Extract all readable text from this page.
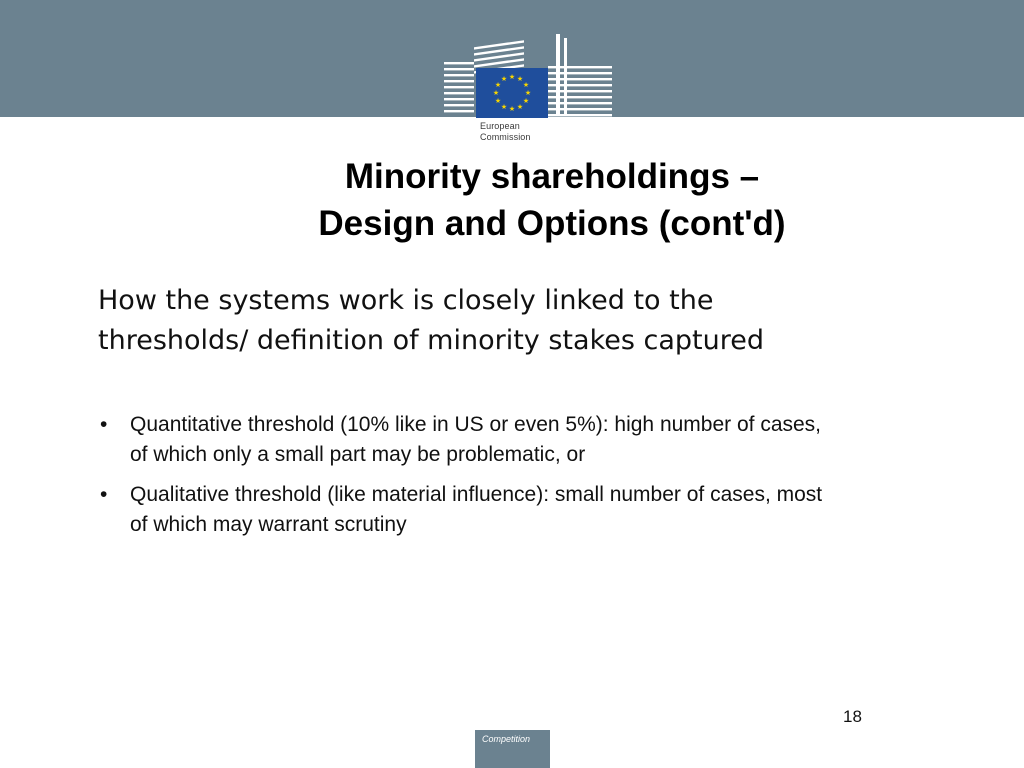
★ ★
★
★
★
★
★
★
★
★
★
★
European
Commission
Minority shareholdings –
Design and Options (cont'd)
How the systems work is closely linked to the
thresholds/ definition of minority stakes captured
• Quantitative threshold (10% like in US or even 5%): high number of cases,
of which only a small part may be problematic, or
• Qualitative threshold (like material influence): small number of cases, most
of which may warrant scrutiny
18
Competition
